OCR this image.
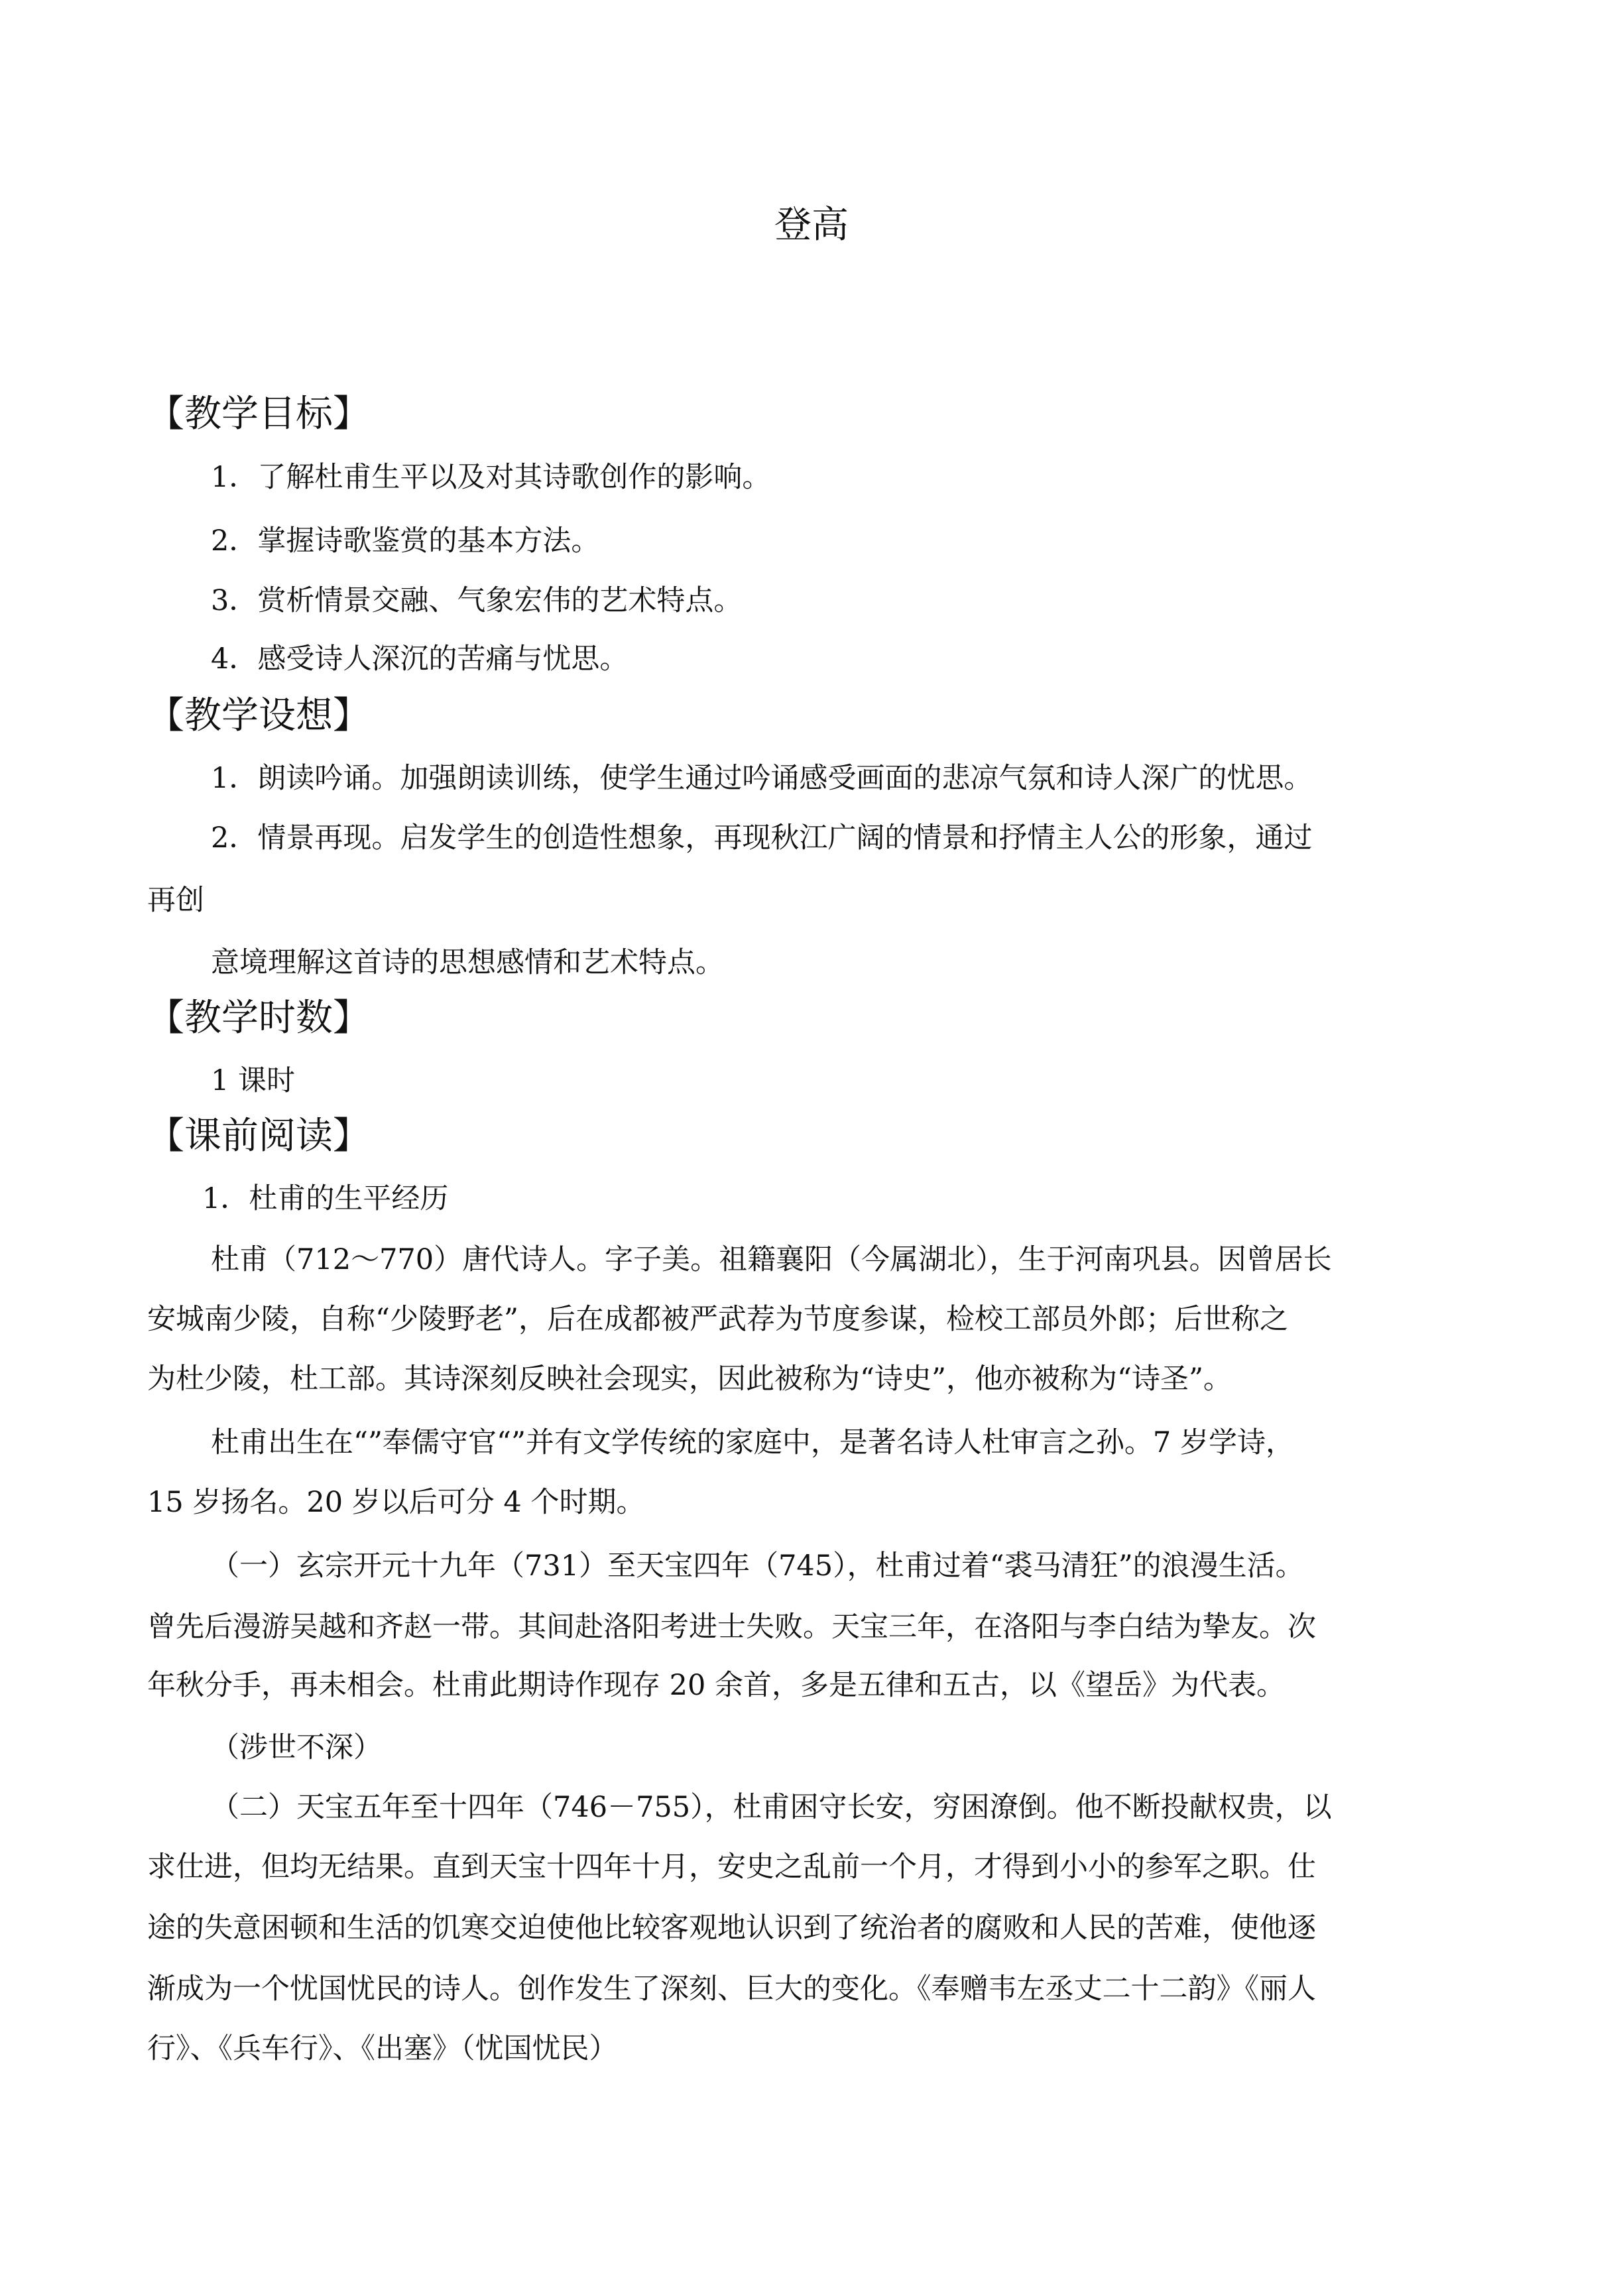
登高
【教学目标】

1．了解杜甫生平以及对其诗歌创作的影响。

2．掌握诗歌鉴赏的基本方法。

3．赏析情景交融、气象宏伟的艺术特点。

4．感受诗人深沉的苦痛与忧思。

【教学设想】

1．朗读吟诵。加强朗读训练，使学生通过吟诵感受画面的悲凉气氛和诗人深广的忧思。

2．情景再现。启发学生的创造性想象，再现秋江广阔的情景和抒情主人公的形象，通过

再创

意境理解这首诗的思想感情和艺术特点。

【教学时数】

1 课时

【课前阅读】

1．杜甫的生平经历

杜甫（712～770）唐代诗人。字子美。祖籍襄阳（今属湖北），生于河南巩县。因曾居长

安城南少陵，自称“少陵野老”，后在成都被严武荐为节度参谋，检校工部员外郎；后世称之

为杜少陵，杜工部。其诗深刻反映社会现实，因此被称为“诗史”，他亦被称为“诗圣”。

杜甫出生在“”奉儒守官“”并有文学传统的家庭中，是著名诗人杜审言之孙。7 岁学诗，

15 岁扬名。20 岁以后可分 4 个时期。

（一）玄宗开元十九年（731）至天宝四年（745），杜甫过着“裘马清狂”的浪漫生活。

曾先后漫游吴越和齐赵一带。其间赴洛阳考进士失败。天宝三年，在洛阳与李白结为挚友。次

年秋分手，再未相会。杜甫此期诗作现存 20 余首，多是五律和五古，以《望岳》为代表。

（涉世不深）

（二）天宝五年至十四年（746－755），杜甫困守长安，穷困潦倒。他不断投献权贵，以

求仕进，但均无结果。直到天宝十四年十月，安史之乱前一个月，才得到小小的参军之职。仕

途的失意困顿和生活的饥寒交迫使他比较客观地认识到了统治者的腐败和人民的苦难，使他逐

渐成为一个忧国忧民的诗人。创作发生了深刻、巨大的变化。《奉赠韦左丞丈二十二韵》《丽人

行》、《兵车行》、《出塞》（忧国忧民）
